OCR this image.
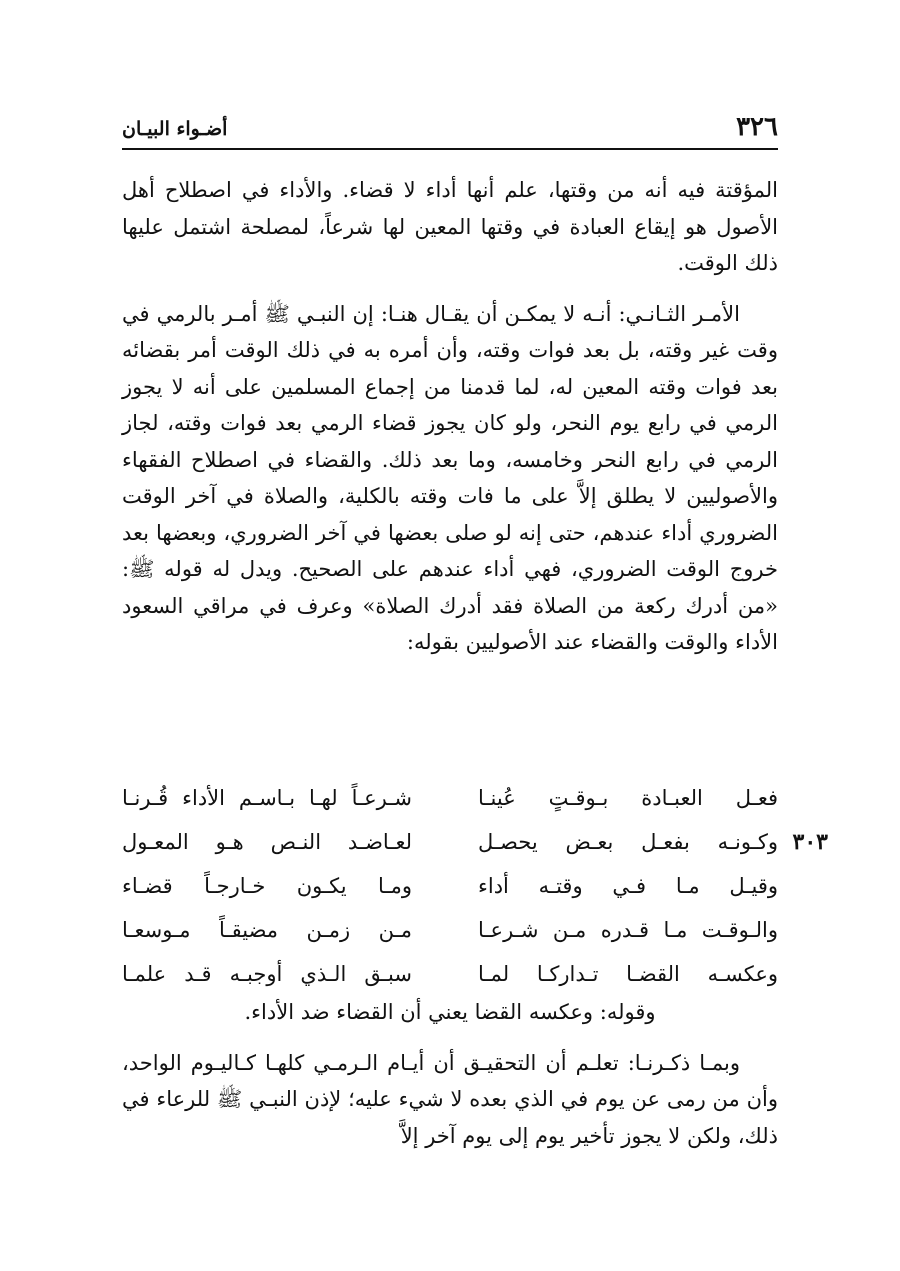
٣٢٦
أضـواء البيـان

المؤقتة فيه أنه من وقتها، علم أنها أداء لا قضاء. والأداء في اصطلاح أهل الأصول هو إيقاع العبادة في وقتها المعين لها شرعاً، لمصلحة اشتمل عليها ذلك الوقت.

الأمـر الثـانـي: أنـه لا يمكـن أن يقـال هنـا: إن النبـي ﷺ أمـر بالرمي في وقت غير وقته، بل بعد فوات وقته، وأن أمره به في ذلك الوقت أمر بقضائه بعد فوات وقته المعين له، لما قدمنا من إجماع المسلمين على أنه لا يجوز الرمي في رابع يوم النحر، ولو كان يجوز قضاء الرمي بعد فوات وقته، لجاز الرمي في رابع النحر وخامسه، وما بعد ذلك. والقضاء في اصطلاح الفقهاء والأصوليين لا يطلق إلاَّ على ما فات وقته بالكلية، والصلاة في آخر الوقت الضروري أداء عندهم، حتى إنه لو صلى بعضها في آخر الضروري، وبعضها بعد خروج الوقت الضروري، فهي أداء عندهم على الصحيح. ويدل له قوله ﷺ: «من أدرك ركعة من الصلاة فقد أدرك الصلاة» وعرف في مراقي السعود الأداء والوقت والقضاء عند الأصوليين بقوله:

فعـل العبـادة بـوقـتٍ عُينـا
شـرعـاً لهـا بـاسـم الأداء قُـرنـا
٣٠٣
وكـونـه بفعـل بعـض يحصـل
لعـاضـد النـص هـو المعـول
وقيـل مـا فـي وقتـه أداء
ومـا يكـون خـارجـاً قضـاء
والـوقـت مـا قـدره مـن شـرعـا
مـن زمـن مضيقـاً مـوسعـا
وعكسـه القضـا تـداركـا لمـا
سبـق الـذي أوجبـه قـد علمـا

وقوله: وعكسه القضا يعني أن القضاء ضد الأداء.

وبمـا ذكـرنـا: تعلـم أن التحقيـق أن أيـام الـرمـي كلهـا كـاليـوم الواحد، وأن من رمى عن يوم في الذي بعده لا شيء عليه؛ لإذن النبـي ﷺ للرعاء في ذلك، ولكن لا يجوز تأخير يوم إلى يوم آخر إلاَّ
